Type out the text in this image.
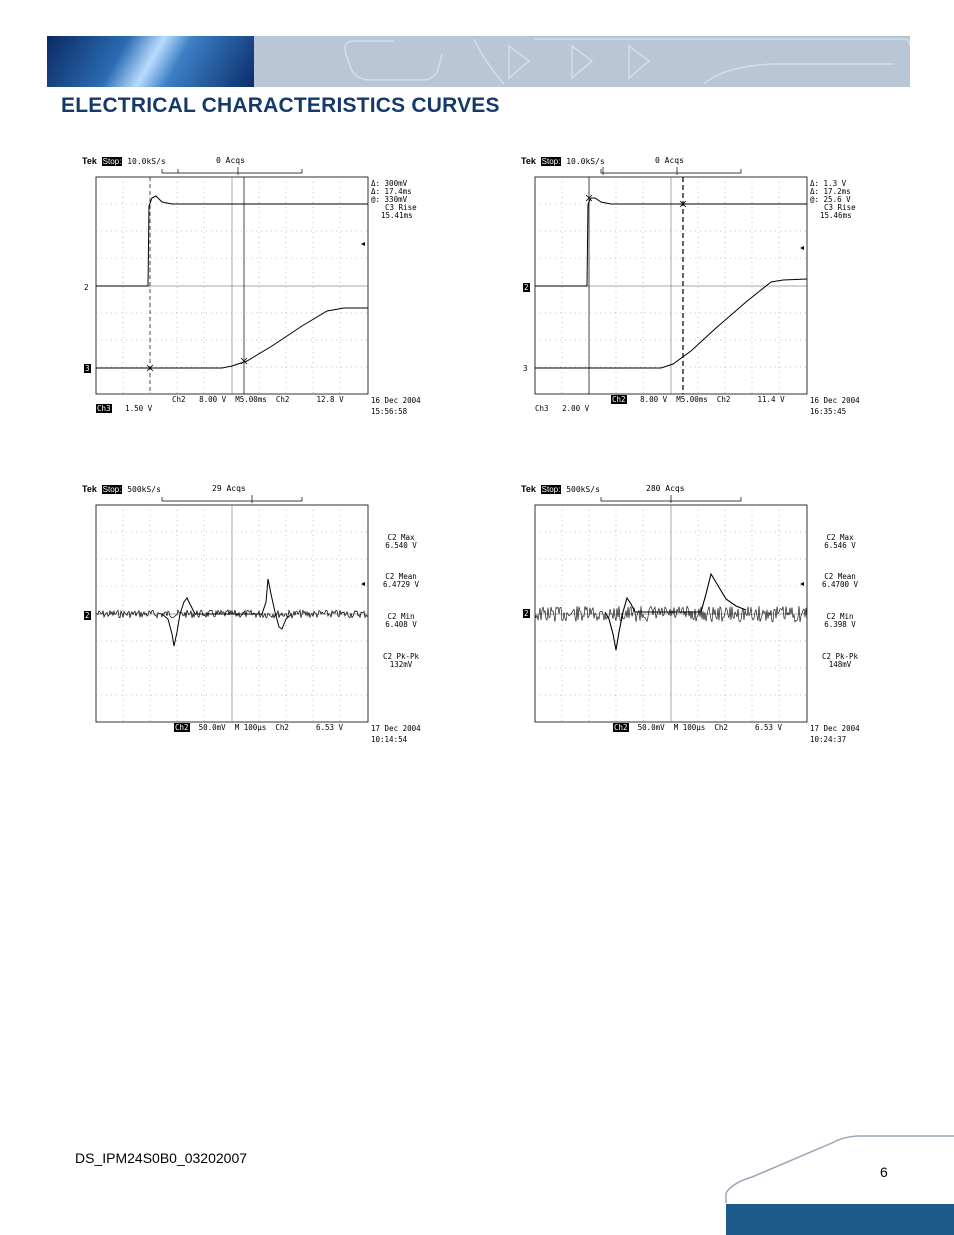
ELECTRICAL CHARACTERISTICS CURVES
Tek Stop: 10.0kS/s	0 Acqs
Δ: 300mV
Δ: 17.4ms
@: 330mV
C3 Rise
15.41ms
2
3
Ch2 8.00 V M5.00ms Ch2	12.8 V
Ch3 1.50 V
16 Dec 2004
15:56:58
Tek Stop: 10.0kS/s	0 Acqs
Δ: 1.3 V
Δ: 17.2ms
@: 25.6 V
C3 Rise
15.46ms
2
3
Ch2 8.00 V M5.00ms Ch2	11.4 V
Ch3 2.00 V
16 Dec 2004
16:35:45
Tek Stop: 500kS/s	29 Acqs
2
C2 Max
6.540 V
C2 Mean
6.4729 V
C2 Min
6.408 V
C2 Pk-Pk
132mV
Ch2 50.0mV M 100µs Ch2	6.53 V	17 Dec 2004
10:14:54
Tek Stop: 500kS/s	280 Acqs
2
C2 Max
6.546 V
C2 Mean
6.4700 V
C2 Min
6.398 V
C2 Pk-Pk
148mV
Ch2 50.0mV M 100µs Ch2	6.53 V	17 Dec 2004
10:24:37
DS_IPM24S0B0_03202007
6
